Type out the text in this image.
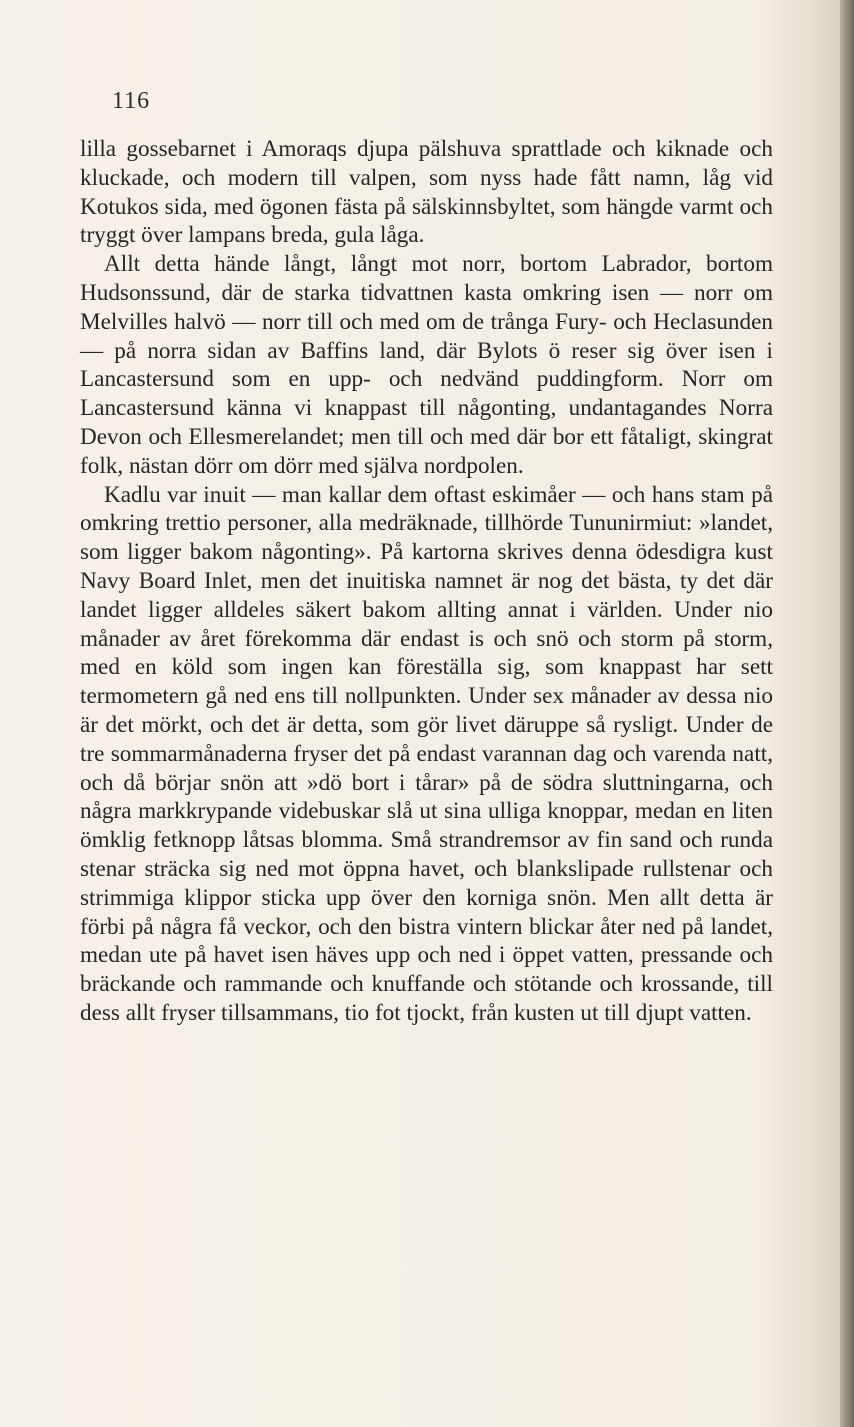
116

lilla gossebarnet i Amoraqs djupa pälshuva sprattlade och kiknade och kluckade, och modern till valpen, som nyss hade fått namn, låg vid Kotukos sida, med ögonen fästa på sälskinnsbyltet, som hängde varmt och tryggt över lampans breda, gula låga.

Allt detta hände långt, långt mot norr, bortom Labrador, bortom Hudsonssund, där de starka tidvattnen kasta omkring isen — norr om Melvilles halvö — norr till och med om de trånga Fury- och Heclasunden — på norra sidan av Baffins land, där Bylots ö reser sig över isen i Lancastersund som en upp- och nedvänd puddingform. Norr om Lancastersund känna vi knappast till någonting, undantagandes Norra Devon och Ellesmerelandet; men till och med där bor ett fåtaligt, skingrat folk, nästan dörr om dörr med själva nordpolen.

Kadlu var inuit — man kallar dem oftast eskimåer — och hans stam på omkring trettio personer, alla medräknade, tillhörde Tununirmiut: »landet, som ligger bakom någonting». På kartorna skrives denna ödesdigra kust Navy Board Inlet, men det inuitiska namnet är nog det bästa, ty det där landet ligger alldeles säkert bakom allting annat i världen. Under nio månader av året förekomma där endast is och snö och storm på storm, med en köld som ingen kan föreställa sig, som knappast har sett termometern gå ned ens till nollpunkten. Under sex månader av dessa nio är det mörkt, och det är detta, som gör livet däruppe så rysligt. Under de tre sommarmånaderna fryser det på endast varannan dag och varenda natt, och då börjar snön att »dö bort i tårar» på de södra sluttningarna, och några markkrypande videbuskar slå ut sina ulliga knoppar, medan en liten ömklig fetknopp låtsas blomma. Små strandremsor av fin sand och runda stenar sträcka sig ned mot öppna havet, och blankslipade rullstenar och strimmiga klippor sticka upp över den korniga snön. Men allt detta är förbi på några få veckor, och den bistra vintern blickar åter ned på landet, medan ute på havet isen häves upp och ned i öppet vatten, pressande och bräckande och rammande och knuffande och stötande och krossande, till dess allt fryser tillsammans, tio fot tjockt, från kusten ut till djupt vatten.
